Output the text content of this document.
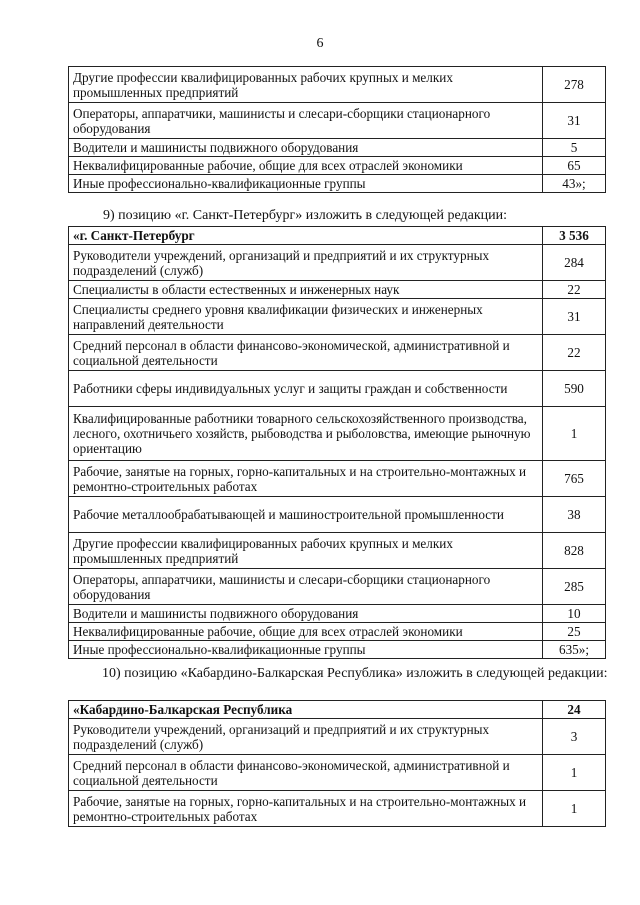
6
Другие профессии квалифицированных рабочих крупных и мелких промышленных предприятий	278
Операторы, аппаратчики, машинисты и слесари-сборщики стационарного оборудования	31
Водители и машинисты подвижного оборудования	5
Неквалифицированные рабочие, общие для всех отраслей экономики	65
Иные профессионально-квалификационные группы	43»;
9) позицию «г. Санкт-Петербург» изложить в следующей редакции:
«г. Санкт-Петербург	3 536
Руководители учреждений, организаций и предприятий и их структурных подразделений (служб)	284
Специалисты в области естественных и инженерных наук	22
Специалисты среднего уровня квалификации физических и инженерных направлений деятельности	31
Средний персонал в области финансово-экономической, административной и социальной деятельности	22
Работники сферы индивидуальных услуг и защиты граждан и собственности	590
Квалифицированные работники товарного сельскохозяйственного производства, лесного, охотничьего хозяйств, рыбоводства и рыболовства, имеющие рыночную ориентацию	1
Рабочие, занятые на горных, горно-капитальных и на строительно-монтажных и ремонтно-строительных работах	765
Рабочие металлообрабатывающей и машиностроительной промышленности	38
Другие профессии квалифицированных рабочих крупных и мелких промышленных предприятий	828
Операторы, аппаратчики, машинисты и слесари-сборщики стационарного оборудования	285
Водители и машинисты подвижного оборудования	10
Неквалифицированные рабочие, общие для всех отраслей экономики	25
Иные профессионально-квалификационные группы	635»;
10) позицию «Кабардино-Балкарская Республика» изложить в следующей редакции:
«Кабардино-Балкарская Республика	24
Руководители учреждений, организаций и предприятий и их структурных подразделений (служб)	3
Средний персонал в области финансово-экономической, административной и социальной деятельности	1
Рабочие, занятые на горных, горно-капитальных и на строительно-монтажных и ремонтно-строительных работах	1
